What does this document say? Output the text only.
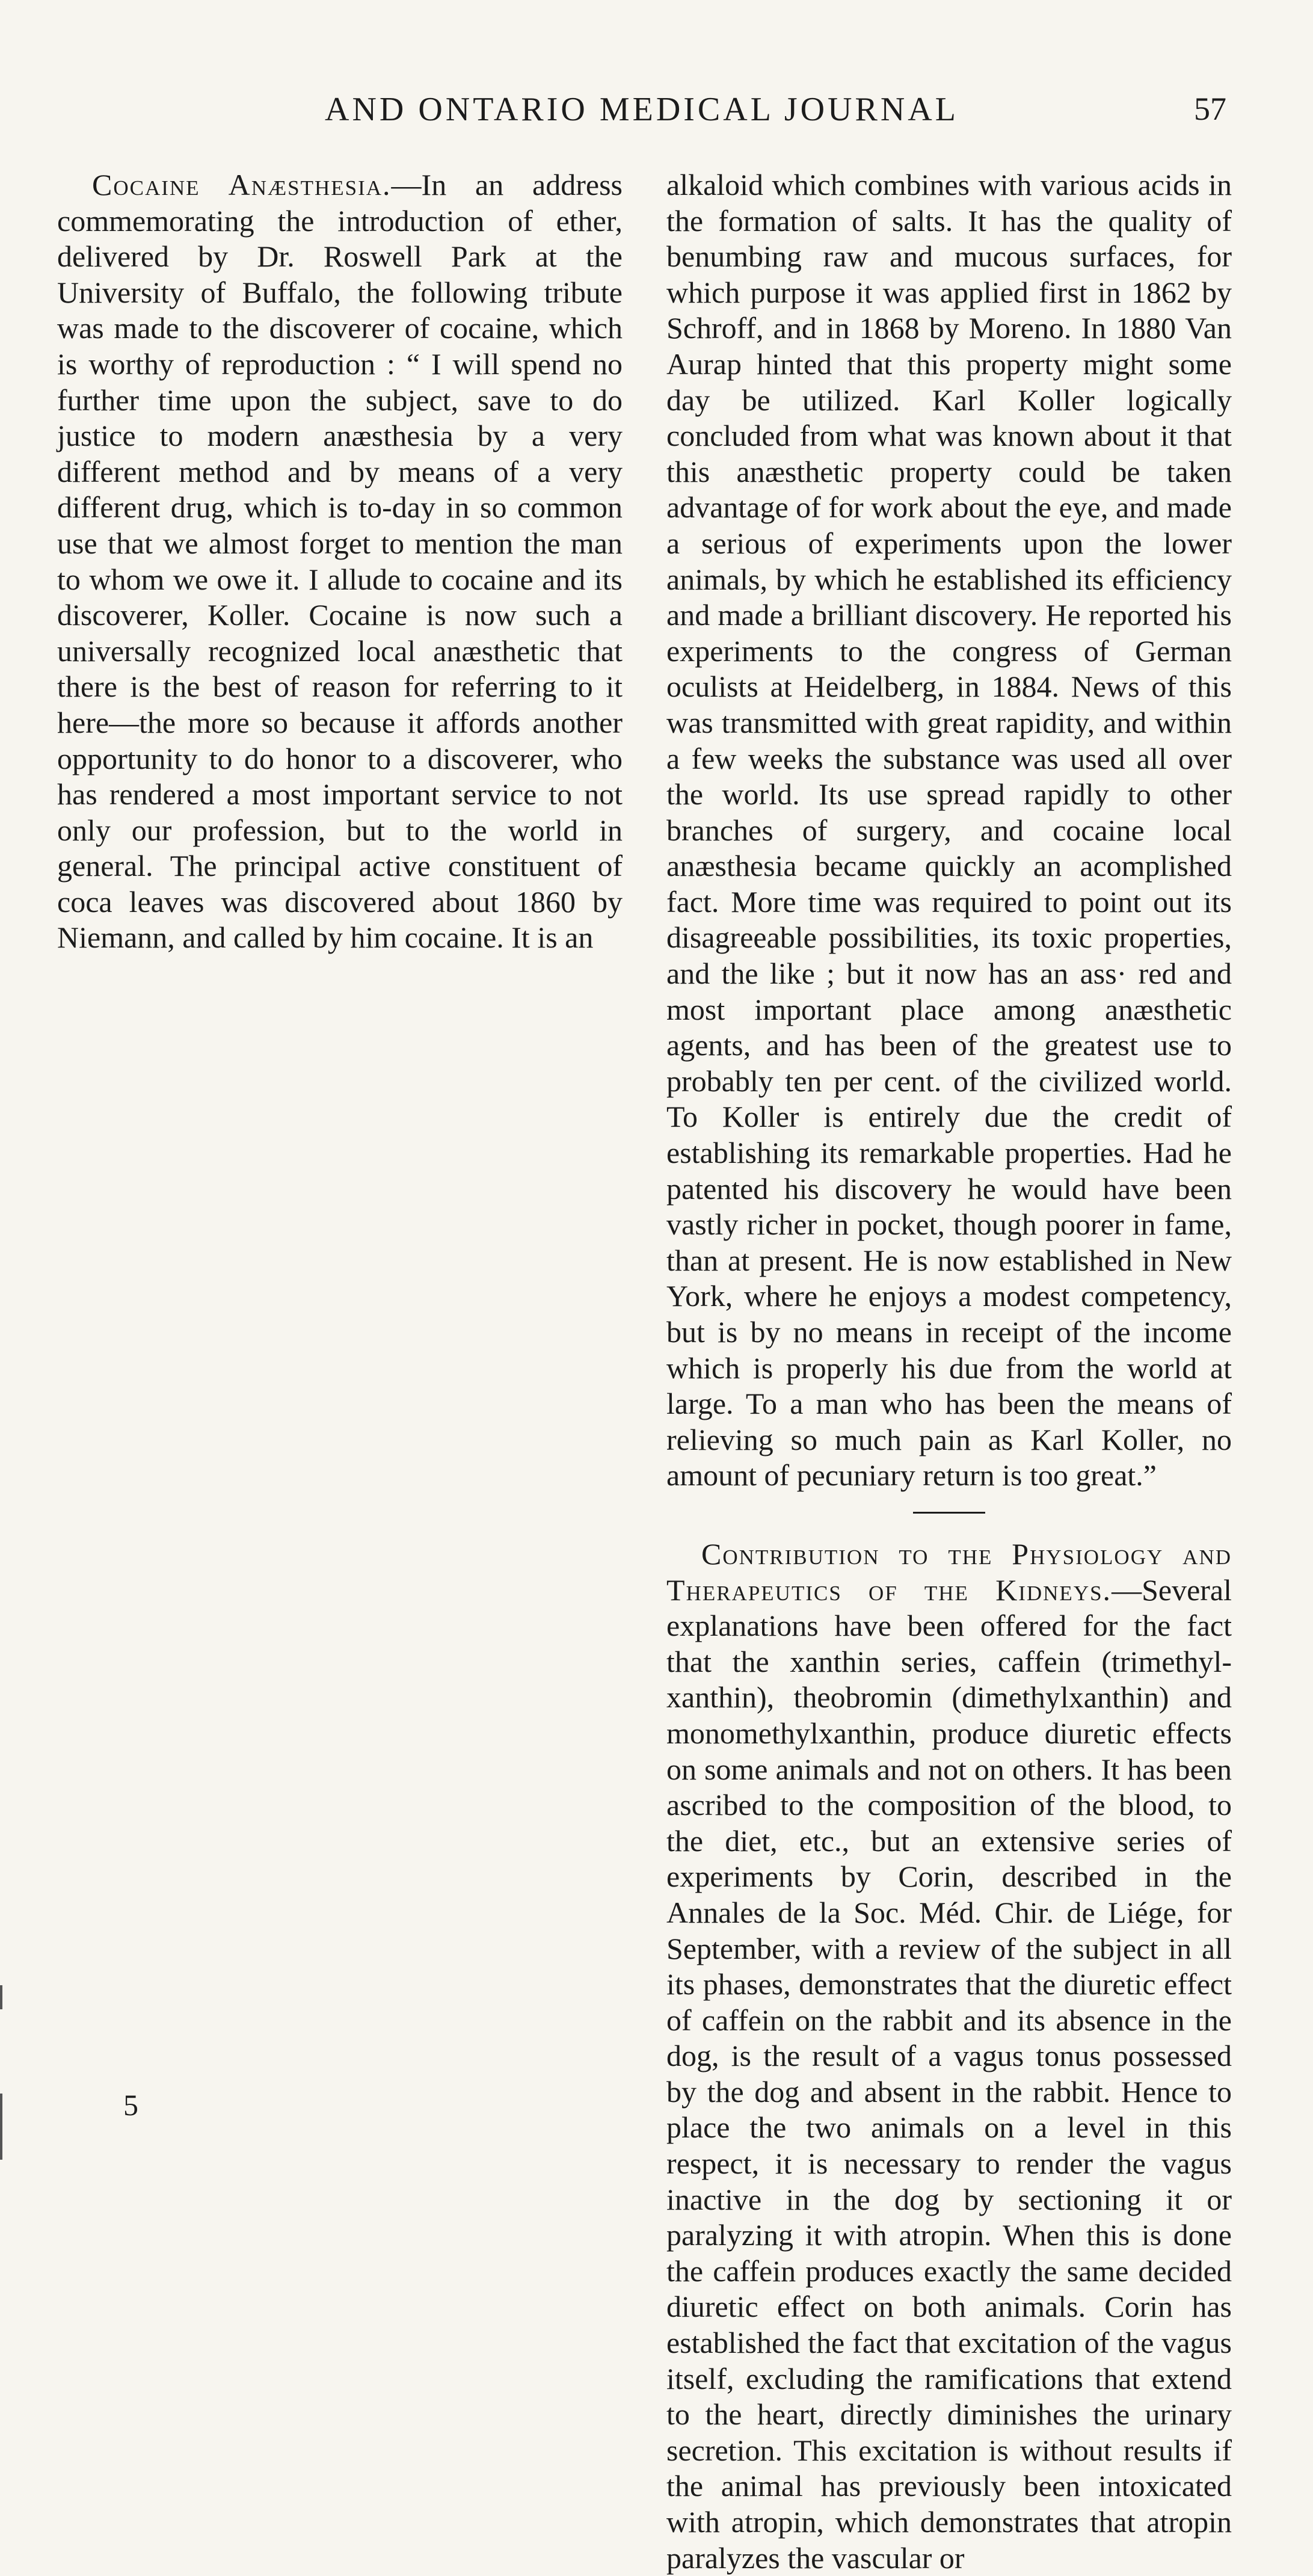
AND ONTARIO MEDICAL JOURNAL	57

Cocaine Anæsthesia.—In an address commemorating the introduction of ether, delivered by Dr. Roswell Park at the University of Buffalo, the following tribute was made to the discoverer of cocaine, which is worthy of reproduction : “ I will spend no further time upon the subject, save to do justice to modern anæsthesia by a very different method and by means of a very different drug, which is to-day in so common use that we almost forget to mention the man to whom we owe it. I allude to cocaine and its discoverer, Koller. Cocaine is now such a universally recognized local anæsthetic that there is the best of reason for referring to it here—the more so because it affords another opportunity to do honor to a discoverer, who has rendered a most important service to not only our profession, but to the world in general. The principal active constituent of coca leaves was discovered about 1860 by Niemann, and called by him cocaine. It is an

alkaloid which combines with various acids in the formation of salts. It has the quality of benumbing raw and mucous surfaces, for which purpose it was applied first in 1862 by Schroff, and in 1868 by Moreno. In 1880 Van Aurap hinted that this property might some day be utilized. Karl Koller logically concluded from what was known about it that this anæsthetic property could be taken advantage of for work about the eye, and made a serious of experiments upon the lower animals, by which he established its efficiency and made a brilliant discovery. He reported his experiments to the congress of German oculists at Heidelberg, in 1884. News of this was transmitted with great rapidity, and within a few weeks the substance was used all over the world. Its use spread rapidly to other branches of surgery, and cocaine local anæsthesia became quickly an acomplished fact. More time was required to point out its disagreeable possibilities, its toxic properties, and the like ; but it now has an ass· red and most important place among anæsthetic agents, and has been of the greatest use to probably ten per cent. of the civilized world. To Koller is entirely due the credit of establishing its remarkable properties. Had he patented his discovery he would have been vastly richer in pocket, though poorer in fame, than at present. He is now established in New York, where he enjoys a modest competency, but is by no means in receipt of the income which is properly his due from the world at large. To a man who has been the means of relieving so much pain as Karl Koller, no amount of pecuniary return is too great.”

Contribution to the Physiology and Therapeutics of the Kidneys.—Several explanations have been offered for the fact that the xanthin series, caffein (trimethylxanthin), theobromin (dimethylxanthin) and monomethylxanthin, produce diuretic effects on some animals and not on others. It has been ascribed to the composition of the blood, to the diet, etc., but an extensive series of experiments by Corin, described in the Annales de la Soc. Méd. Chir. de Liége, for September, with a review of the subject in all its phases, demonstrates that the diuretic effect of caffein on the rabbit and its absence in the dog, is the result of a vagus tonus possessed by the dog and absent in the rabbit. Hence to place the two animals on a level in this respect, it is necessary to render the vagus inactive in the dog by sectioning it or paralyzing it with atropin. When this is done the caffein produces exactly the same decided diuretic effect on both animals. Corin has established the fact that excitation of the vagus itself, excluding the ramifications that extend to the heart, directly diminishes the urinary secretion. This excitation is without results if the animal has previously been intoxicated with atropin, which demonstrates that atropin paralyzes the vascular or

5
